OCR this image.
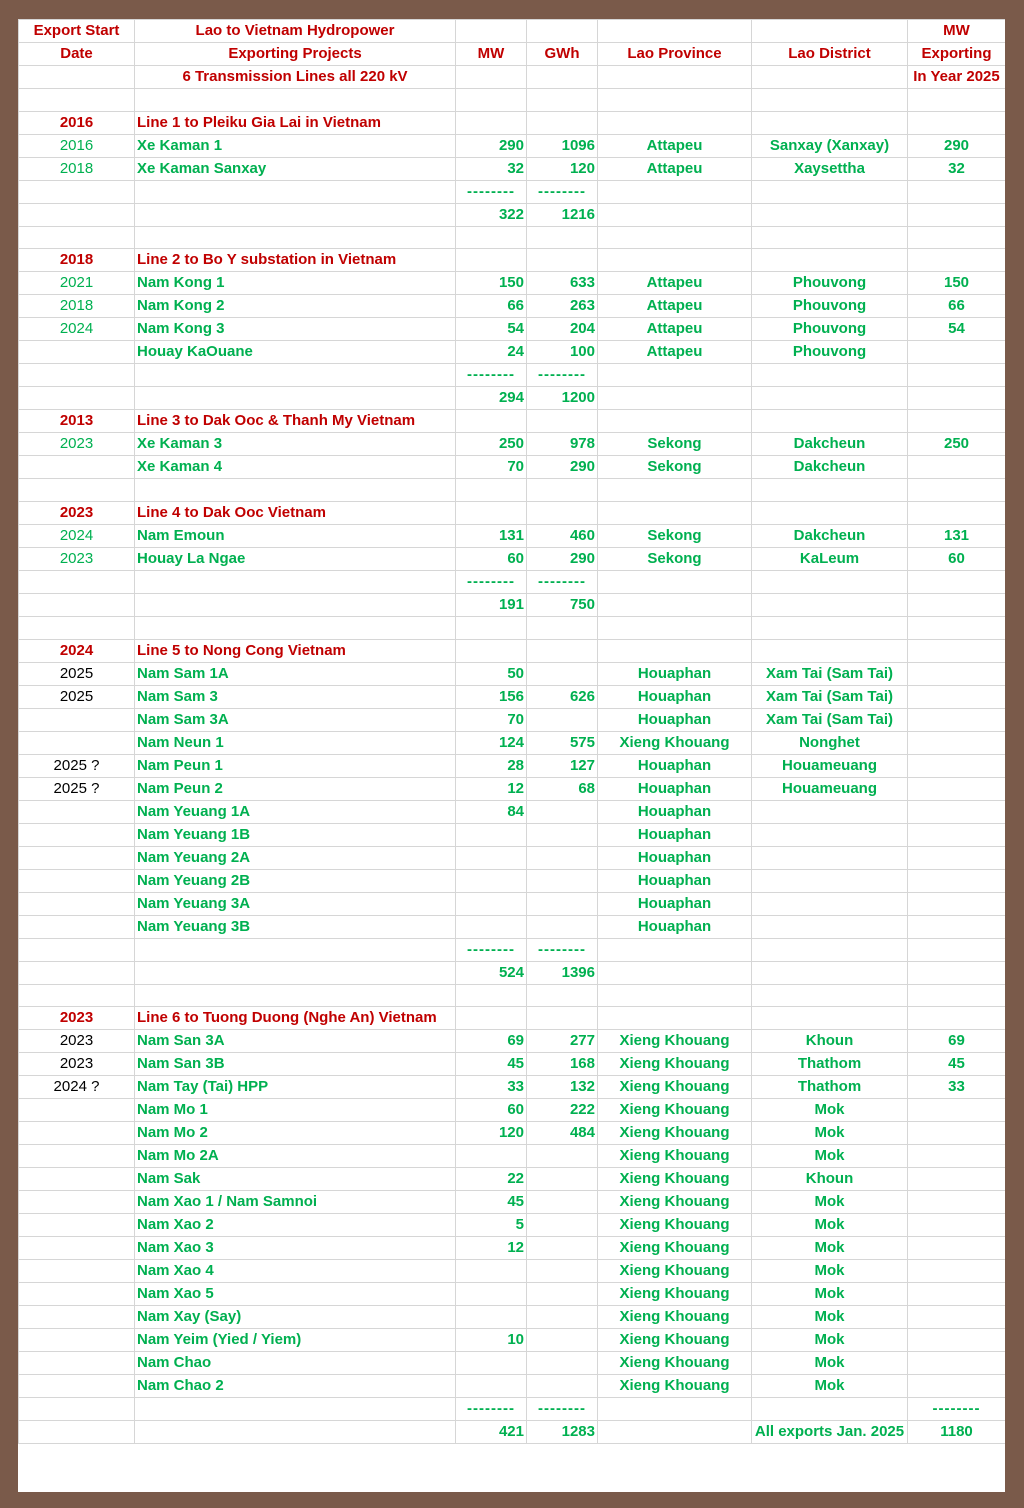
Export Start	Lao to Vietnam Hydropower					MW
Date	Exporting Projects	MW	GWh	Lao Province	Lao District	Exporting
	6 Transmission Lines all 220 kV					In Year 2025

2016	Line 1 to Pleiku Gia Lai in Vietnam					
2016	Xe Kaman 1	290	1096	Attapeu	Sanxay (Xanxay)	290
2018	Xe Kaman Sanxay	32	120	Attapeu	Xaysettha	32
		--------	--------			
		322	1216			

2018	Line 2 to Bo Y substation in Vietnam					
2021	Nam Kong 1	150	633	Attapeu	Phouvong	150
2018	Nam Kong 2	66	263	Attapeu	Phouvong	66
2024	Nam Kong 3	54	204	Attapeu	Phouvong	54
	Houay KaOuane	24	100	Attapeu	Phouvong	
		--------	--------			
		294	1200			
2013	Line 3 to Dak Ooc & Thanh My Vietnam					
2023	Xe Kaman 3	250	978	Sekong	Dakcheun	250
	Xe Kaman 4	70	290	Sekong	Dakcheun	

2023	Line 4 to Dak Ooc Vietnam					
2024	Nam Emoun	131	460	Sekong	Dakcheun	131
2023	Houay La Ngae	60	290	Sekong	KaLeum	60
		--------	--------			
		191	750			

2024	Line 5 to Nong Cong Vietnam					
2025	Nam Sam 1A	50		Houaphan	Xam Tai (Sam Tai)	
2025	Nam Sam 3	156	626	Houaphan	Xam Tai (Sam Tai)	
	Nam Sam 3A	70		Houaphan	Xam Tai (Sam Tai)	
	Nam Neun 1	124	575	Xieng Khouang	Nonghet	
2025 ?	Nam Peun 1	28	127	Houaphan	Houameuang	
2025 ?	Nam Peun 2	12	68	Houaphan	Houameuang	
	Nam Yeuang 1A	84		Houaphan		
	Nam Yeuang 1B			Houaphan		
	Nam Yeuang 2A			Houaphan		
	Nam Yeuang 2B			Houaphan		
	Nam Yeuang 3A			Houaphan		
	Nam Yeuang 3B			Houaphan		
		--------	--------			
		524	1396			

2023	Line 6 to Tuong Duong (Nghe An) Vietnam					
2023	Nam San 3A	69	277	Xieng Khouang	Khoun	69
2023	Nam San 3B	45	168	Xieng Khouang	Thathom	45
2024 ?	Nam Tay (Tai) HPP	33	132	Xieng Khouang	Thathom	33
	Nam Mo 1	60	222	Xieng Khouang	Mok	
	Nam Mo 2	120	484	Xieng Khouang	Mok	
	Nam Mo 2A			Xieng Khouang	Mok	
	Nam Sak	22		Xieng Khouang	Khoun	
	Nam Xao 1 / Nam Samnoi	45		Xieng Khouang	Mok	
	Nam Xao 2	5		Xieng Khouang	Mok	
	Nam Xao 3	12		Xieng Khouang	Mok	
	Nam Xao 4			Xieng Khouang	Mok	
	Nam Xao 5			Xieng Khouang	Mok	
	Nam Xay (Say)			Xieng Khouang	Mok	
	Nam Yeim (Yied / Yiem)	10		Xieng Khouang	Mok	
	Nam Chao			Xieng Khouang	Mok	
	Nam Chao 2			Xieng Khouang	Mok	
		--------	--------			--------
		421	1283		All exports Jan. 2025	1180
